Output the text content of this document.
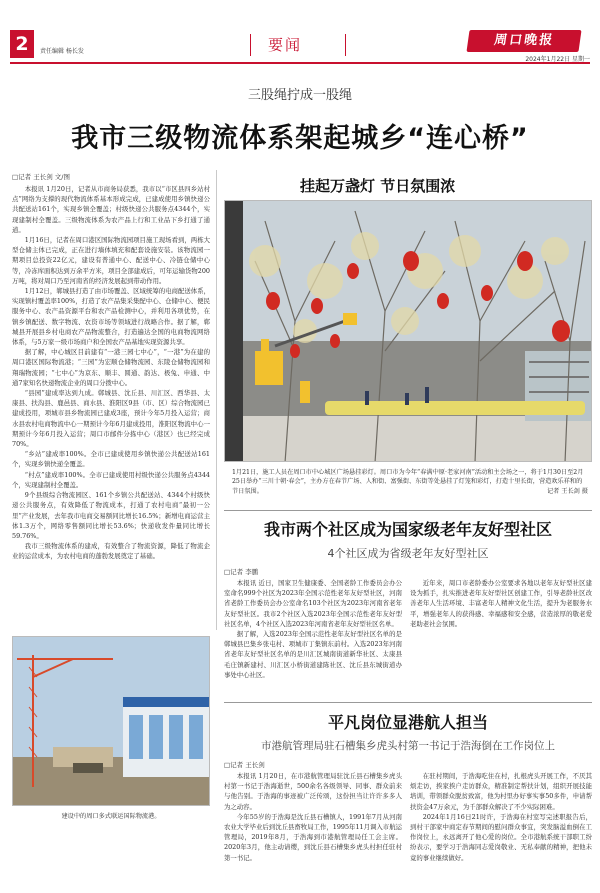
2	责任编辑 杨长发	要闻	周口晚报
2024年1月22日 星期一
三股绳拧成一股绳
我市三级物流体系架起城乡“连心桥”
□记者 王长剑 文/图

本报讯 1月20日，记者从市商务局获悉，我市以“市区县四乡站村点”网络为支撑的现代物流体系基本形成完成，已建成使用乡镇快递公共配送站161个，实现乡镇全覆盖；村级快递公共服务点4344个，实现建制村全覆盖。三级物流体系为农产品上行和工业品下乡打通了通道。

1月16日，记者在周口港区国际物流园项目施工现场看到，两栋大型仓储主体已完成，正在进行墙体填充和配套设施安装。该物流园一期项目总投资22亿元，建设有普通中心、配送中心、冷链仓储中心等，冷冻库面积达到万余平方米，项目全部建成后，可年运输货物200万吨，将对周口乃至河南省的经济发展起到带动作用。

1月12日，郸城县打造了由市场覆盖、区域统筹的电商配送体系，实现镇村覆盖率100%，打造了农产品集采集配中心、仓储中心、便民服务中心、农产品资源平台和农产品检测中心，并利用各项优势，在镇乡镇配送、数字物流、农资市场等领域进行战略合作。据了解，郸城县开展县乡村电商农产品物流整合，打造遍达全国的电商物流网络体系，与5万家一级市场商户和全国农产品基地实现资源共享。

据了解，中心城区目前建有“一港三园七中心”，“一港”为在建的周口港区国际物流港；“三园”为宏顺仓储物流园、东陵仓储物流园和翔瑞物流园；“七中心”为京东、顺丰、圆通、韵达、极兔、申通、中通7家知名快递物流企业的周口分拨中心。

“县园”建成率达到九成。郸城县、沈丘县、川汇区、西华县、太康县、扶沟县、鹿邑县、商水县、淮阳区9县（市、区）综合物流园已建成投用，项城市县乡物流园已建成3座，预计今年5月投入运营；商水县农村电商物流中心一期预计今年6月建成投用，淮阳区物流中心一期预计今年6月投入运营；周口市邮件分拣中心（港区）也已经完成70%。

“乡站”建成率100%。全市已建成使用乡镇快递公共配送站161个，实现乡镇快递全覆盖。

“村点”建成率100%。全市已建成使用村级快递公共服务点4344个，实现建制村全覆盖。

9个县级综合物流园区、161个乡镇公共配送站、4344个村级快递公共服务点，有效降低了物流成本，打通了农村电商“最初一公里”产业发展，去年我市电商交易额同比增长16.5%；新增电商运营主体1.3万个，网络零售额同比增长53.6%；快递收发件量同比增长59.76%。

我市三级物流体系的建成，有效整合了物流资源，降低了物流企业的运营成本，为农村电商的蓬勃发展奠定了基础。

挂起万盏灯 节日氛围浓
1月21日，施工人员在周口市中心城区广场悬挂彩灯。周口市为今年“春满中原·老家河南”活动和主会场之一，将于1月30日至2月25日举办“三川十朝·春会”，主办方在春节广场、人和街、富强街、东街等处悬挂了灯笼和彩灯，打造十里长街，营造欢乐祥和的节日氛围。	记者 王长剑 摄
我市两个社区成为国家级老年友好型社区
4个社区成为省级老年友好型社区
□记者 李鹏

本报讯 近日，国家卫生健康委、全国老龄工作委员会办公室命名999个社区为2023年全国示范性老年友好型社区，河南省老龄工作委员会办公室命名103个社区为2023年河南省老年友好型社区。我市2个社区入选2023年全国示范性老年友好型社区名单，4个社区入选2023年河南省老年友好型社区名单。

据了解，入选2023年全国示范性老年友好型社区名单的是郸城县巴集乡张屯村、项城市丁集镇东前村。入选2023年河南省老年友好型社区名单的是川汇区城南街道新华社区、太康县毛庄镇新建村、川汇区小桥街道建陈社区、沈丘县东城街道办事处中心社区。

近年来，周口市老龄委办公室要求各地以老年友好型社区建设为抓手，扎实推进老年友好型社区创建工作，引导老龄社区改善老年人生活环境、丰富老年人精神文化生活，提升为老服务水平，增强老年人的获得感、幸福感和安全感，营造浓厚的敬老爱老助老社会氛围。

建设中的周口多式联运国际物流港。
平凡岗位显港航人担当
市港航管理局驻石槽集乡虎头村第一书记于浩海倒在工作岗位上
□记者 王长剑

本报讯 1月20日，在市港航管理局驻沈丘县石槽集乡虎头村第一书记于浩海逝世，500余名各级领导、同事、群众前来与他告别。于浩海的事迹被广泛传颂，这份担当让许许多多人为之动容。

今年55岁的于浩海是沈丘县石槽镇人，1991年7月从河南农业大学毕业后到沈丘县畜牧局工作，1995年11月调入市航运管理局，2019年8月，于浩海到市港航管理局任工会主席。2020年3月，他主动请缨，到沈丘县石槽集乡虎头村担任驻村第一书记。

在驻村期间，于浩海吃住在村，扎根虎头开展工作，不厌其烦走访，挨家挨户走访群众，精准制定帮扶计划，组织开展技能培训，带领群众脱贫致富，他为村里办好事实事50多件，申请帮扶资金47万余元，为千部群众解决了不少实际困难。

2024年1月16日21时许，于浩海在村室写完述职报告后，到村干部家中商定春节期间的慰问群众事宜，突发脑溢血倒在工作岗位上，永远离开了他心爱的岗位。全市港航系统干部职工纷纷表示，要学习于浩海同志爱岗敬业、无私奉献的精神，把他未竟的事业继续做好。
